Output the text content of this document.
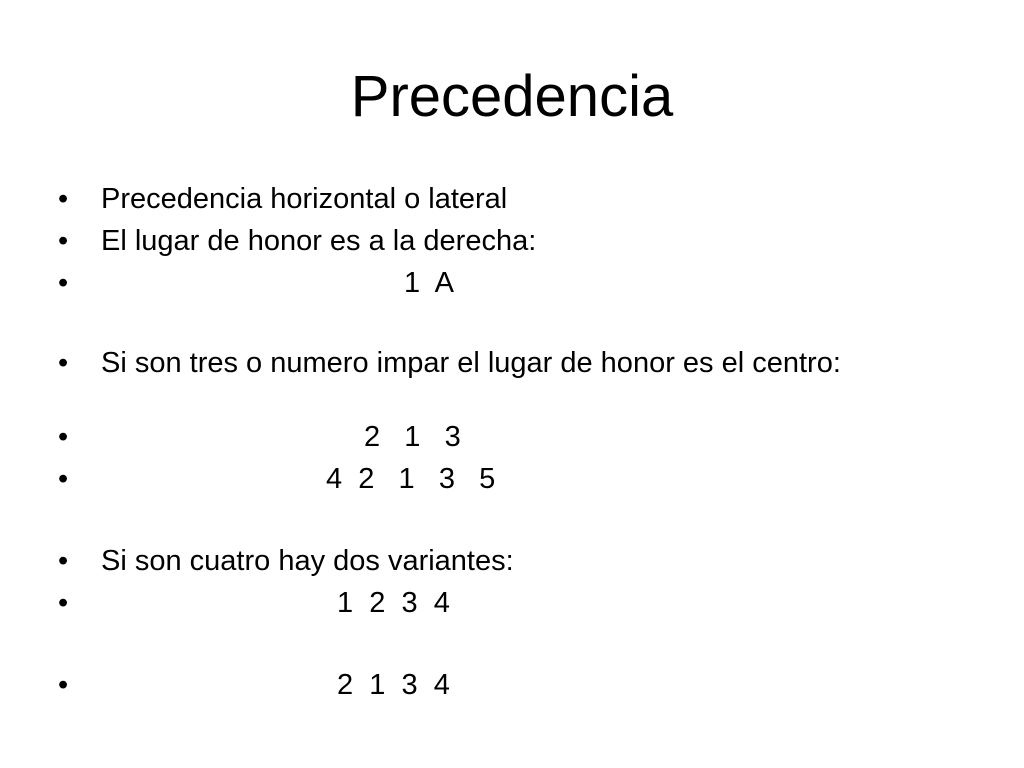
Precedencia
• Precedencia horizontal o lateral
• El lugar de honor es a la derecha:
•	1  A
• Si son tres o numero impar el lugar de honor es el centro:
•	2   1   3
•	4  2   1   3   5
• Si son cuatro hay dos variantes:
•	1  2  3  4
•	2  1  3  4
